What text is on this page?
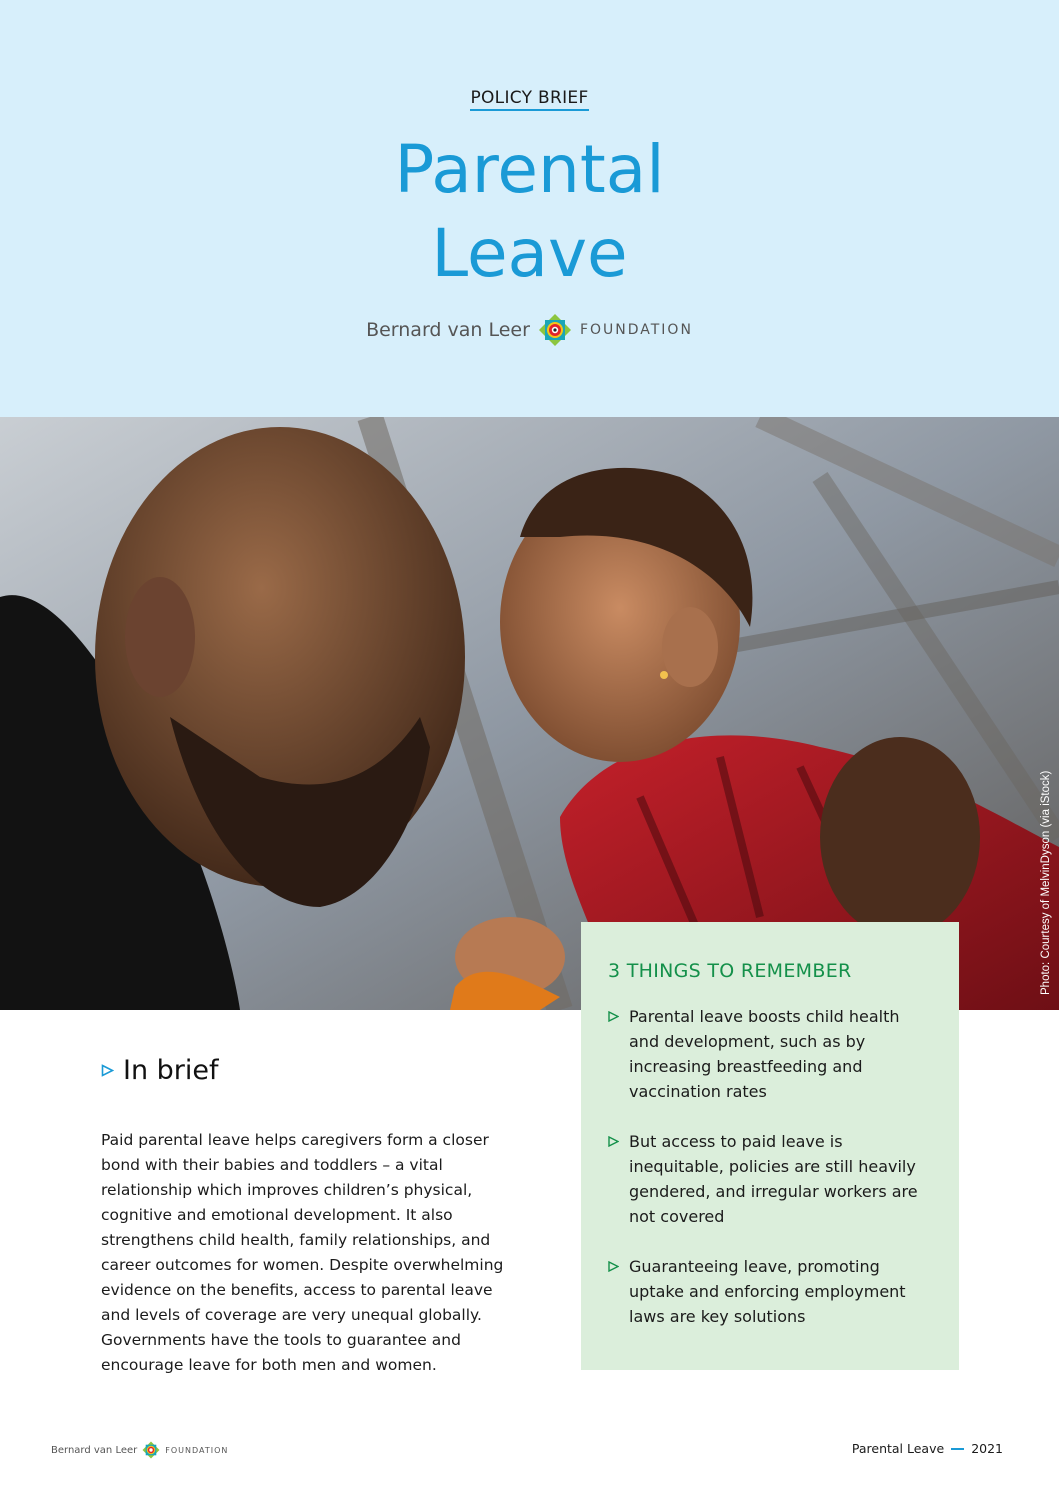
POLICY BRIEF
Parental
Leave
Bernard van Leer	FOUNDATION
Photo: Courtesy of MelvinDyson (via iStock)
3 THINGS TO REMEMBER
Parental leave boosts child health and development, such as by increasing breastfeeding and vaccination rates
But access to paid leave is inequitable, policies are still heavily gendered, and irregular workers are not covered
Guaranteeing leave, promoting uptake and enforcing employment laws are key solutions
In brief

Paid parental leave helps caregivers form a closer bond with their babies and toddlers – a vital relationship which improves children’s physical, cognitive and emotional development. It also strengthens child health, family relationships, and career outcomes for women. Despite overwhelming evidence on the benefits, access to parental leave and levels of coverage are very unequal globally. Governments have the tools to guarantee and encourage leave for both men and women.

Bernard van Leer	FOUNDATION	Parental Leave 2021
